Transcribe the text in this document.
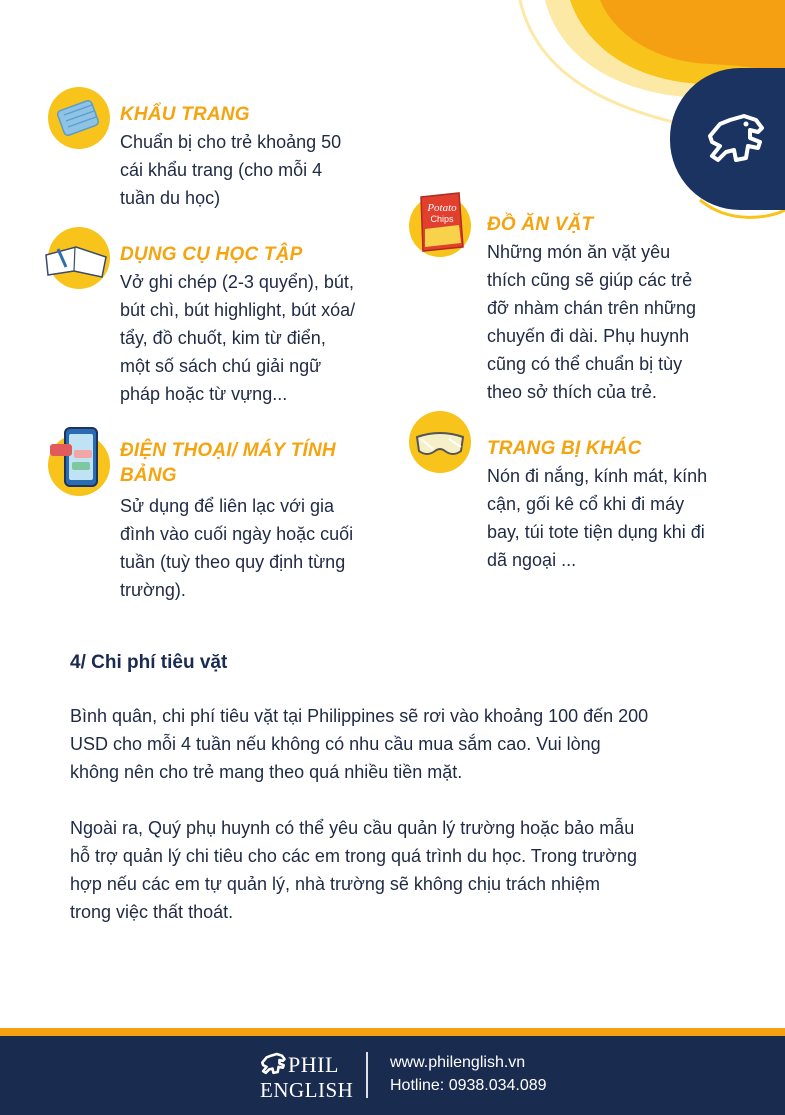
KHẨU TRANG
Chuẩn bị cho trẻ khoảng 50
cái khẩu trang (cho mỗi 4
tuần du học)
DỤNG CỤ HỌC TẬP
Vở ghi chép (2-3 quyển), bút,
bút chì, bút highlight, bút xóa/
tẩy, đồ chuốt, kim từ điển,
một số sách chú giải ngữ
pháp hoặc từ vựng...
ĐIỆN THOẠI/ MÁY TÍNH
BẢNG
Sử dụng để liên lạc với gia
đình vào cuối ngày hoặc cuối
tuần (tuỳ theo quy định từng
trường).
Potato
Chips ĐỒ ĂN VẶT
Những món ăn vặt yêu
thích cũng sẽ giúp các trẻ
đỡ nhàm chán trên những
chuyến đi dài. Phụ huynh
cũng có thể chuẩn bị tùy
theo sở thích của trẻ.
TRANG BỊ KHÁC
Nón đi nắng, kính mát, kính
cận, gối kê cổ khi đi máy
bay, túi tote tiện dụng khi đi
dã ngoại ...
4/ Chi phí tiêu vặt
Bình quân, chi phí tiêu vặt tại Philippines sẽ rơi vào khoảng 100 đến 200
USD cho mỗi 4 tuần nếu không có nhu cầu mua sắm cao. Vui lòng
không nên cho trẻ mang theo quá nhiều tiền mặt.
Ngoài ra, Quý phụ huynh có thể yêu cầu quản lý trường hoặc bảo mẫu
hỗ trợ quản lý chi tiêu cho các em trong quá trình du học. Trong trường
hợp nếu các em tự quản lý, nhà trường sẽ không chịu trách nhiệm
trong việc thất thoát.
PHIL
ENGLISH
www.philenglish.vn
Hotline: 0938.034.089
